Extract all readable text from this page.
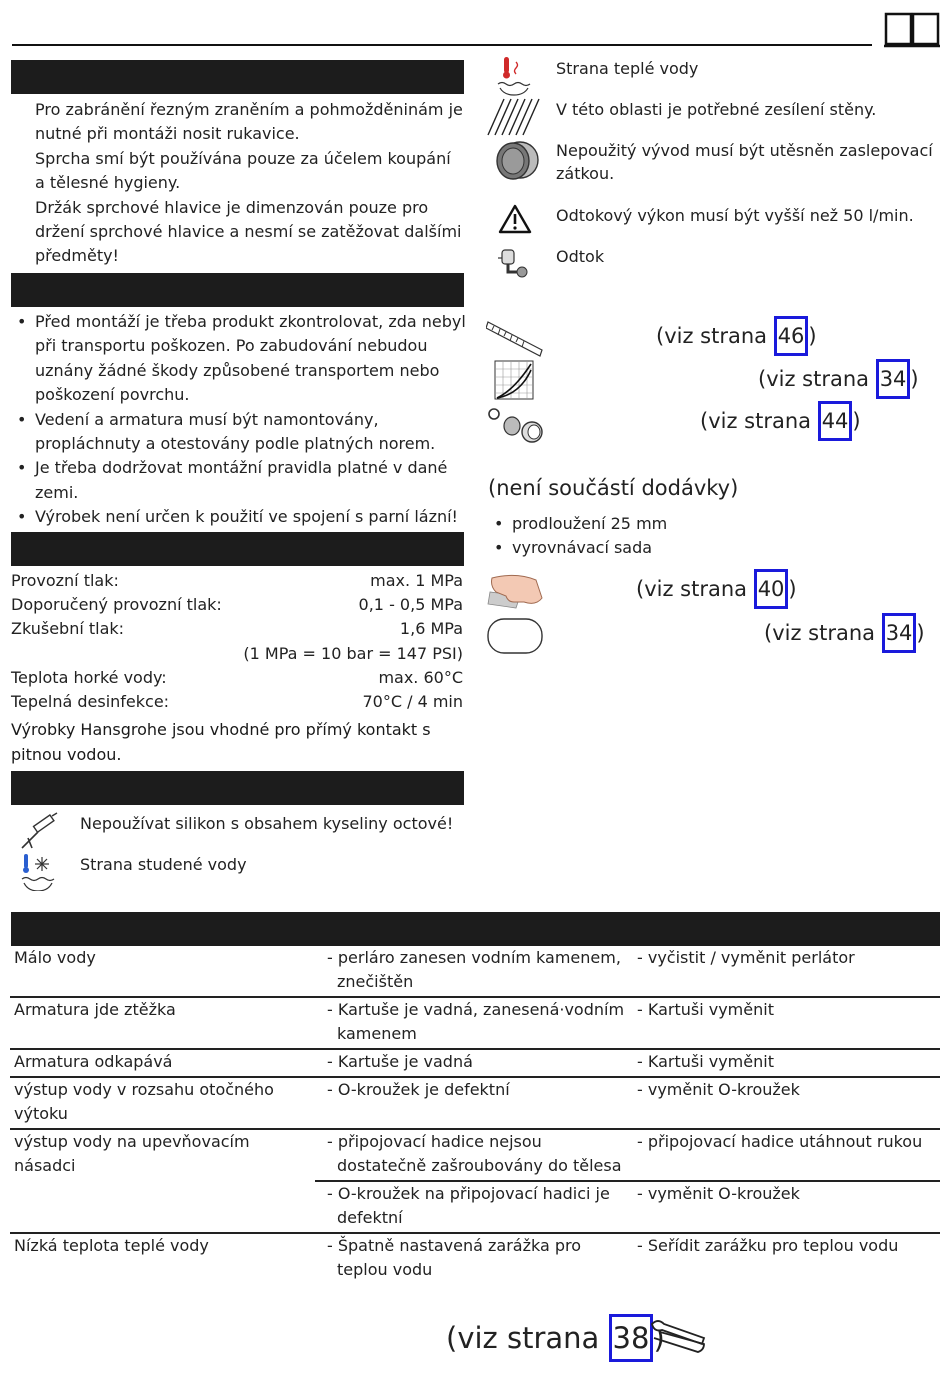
Pro zabránění řezným zraněním a pohmožděninám je nutné při montáži nosit rukavice.

Sprcha smí být používána pouze za účelem koupání a tělesné hygieny.

Držák sprchové hlavice je dimenzován pouze pro držení sprchové hlavice a nesmí se zatěžovat dalšími předměty!

• Před montáží je třeba produkt zkontrolovat, zda nebyl při transportu poškozen. Po zabudování nebudou uznány žádné škody způsobené transportem nebo poškození povrchu.
• Vedení a armatura musí být namontovány, propláchnuty a otestovány podle platných norem.
• Je třeba dodržovat montážní pravidla platné v dané zemi.
• Výrobek není určen k použití ve spojení s parní lázní!
Provozní tlak:	max. 1 MPa
Doporučený provozní tlak:	0,1 - 0,5 MPa
Zkušební tlak:	1,6 MPa
(1 MPa = 10 bar = 147 PSI)
Teplota horké vody:	max. 60°C
Tepelná desinfekce:	70°C / 4 min

Výrobky Hansgrohe jsou vhodné pro přímý kontakt s pitnou vodou.

Nepoužívat silikon s obsahem kyseliny octové!
Strana studené vody
Strana teplé vody
V této oblasti je potřebné zesílení stěny.
Nepoužitý vývod musí být utěsněn zaslepovací zátkou.
Odtokový výkon musí být vyšší než 50 l/min.
Odtok
(viz strana 46 )
(viz strana 34 )
(viz strana 44 )
(není součástí dodávky)
• prodloužení 25 mm
• vyrovnávací sada
(viz strana 40 )
(viz strana 34 )
Málo vody	- perláro zanesen vodním kamenem, znečištěn	- vyčistit / vyměnit perlátor
Armatura jde ztěžka	- Kartuše je vadná, zanesená·vodním kamenem	- Kartuši vyměnit
Armatura odkapává	- Kartuše je vadná	- Kartuši vyměnit
výstup vody v rozsahu otočného výtoku	- O-kroužek je defektní	- vyměnit O-kroužek
výstup vody na upevňovacím násadci	- připojovací hadice nejsou dostatečně zašroubovány do tělesa	- připojovací hadice utáhnout rukou
	- O-kroužek na připojovací hadici je defektní	- vyměnit O-kroužek
Nízká teplota teplé vody	- Špatně nastavená zarážka pro teplou vodu	- Seřídit zarážku pro teplou vodu
(viz strana 38 )
